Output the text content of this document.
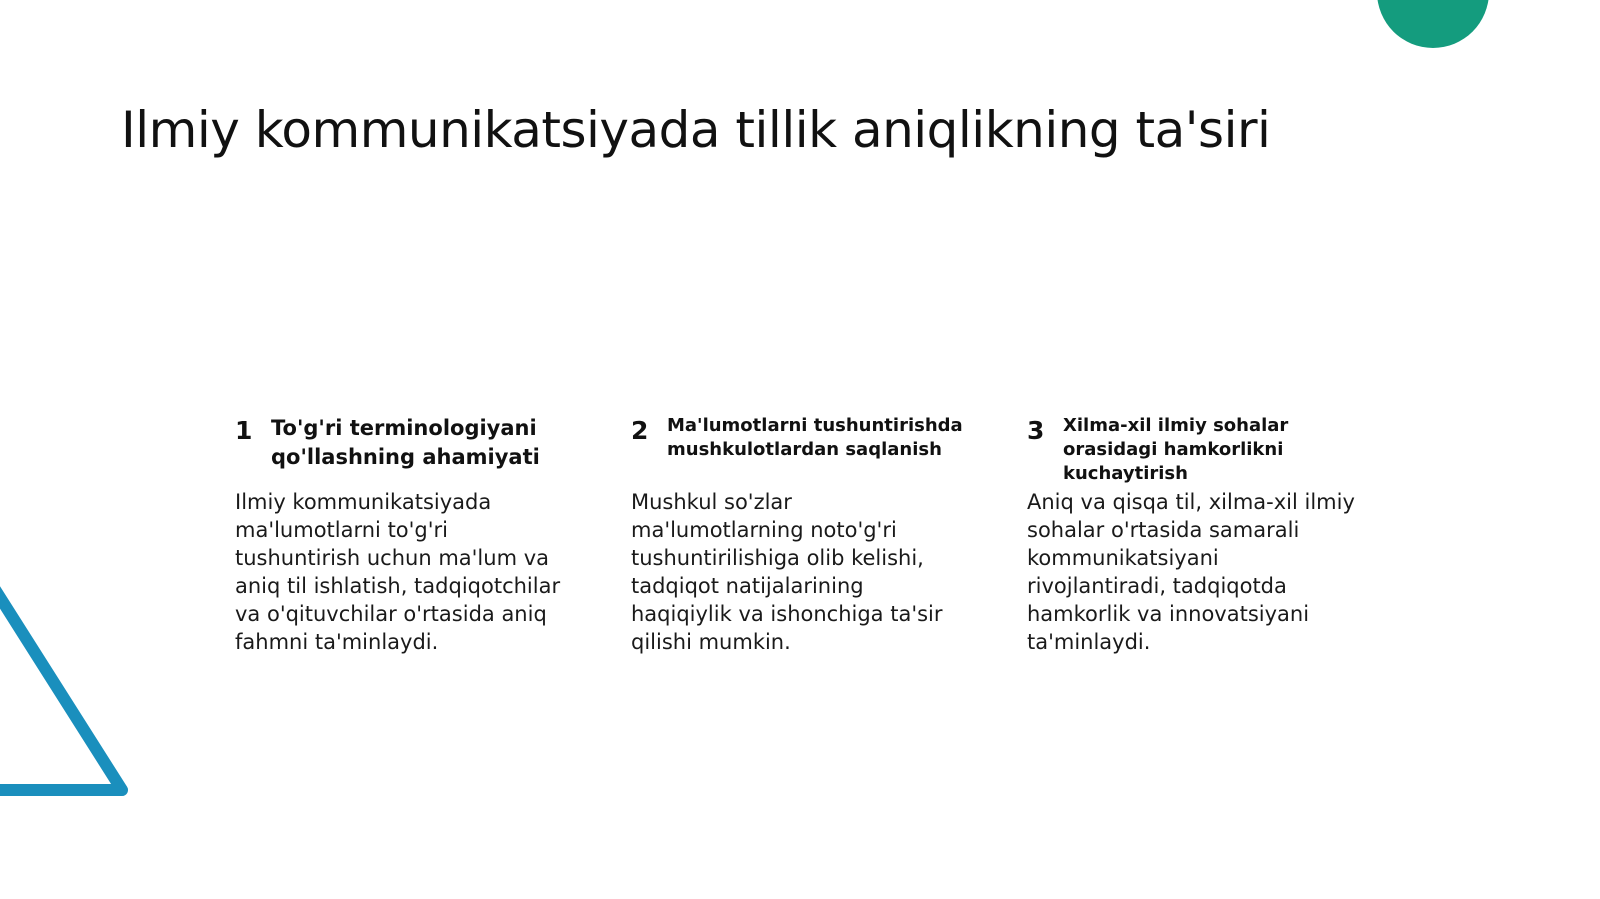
Ilmiy kommunikatsiyada tillik aniqlikning ta'siri
1 To'g'ri terminologiyani qo'llashning ahamiyati

Ilmiy kommunikatsiyada ma'lumotlarni to'g'ri tushuntirish uchun ma'lum va aniq til ishlatish, tadqiqotchilar va o'qituvchilar o'rtasida aniq fahmni ta'minlaydi.

2	Ma'lumotlarni tushuntirishda mushkulotlardan saqlanish

Mushkul so'zlar ma'lumotlarning noto'g'ri tushuntirilishiga olib kelishi, tadqiqot natijalarining haqiqiylik va ishonchiga ta'sir qilishi mumkin.

3	Xilma-xil ilmiy sohalar orasidagi hamkorlikni kuchaytirish

Aniq va qisqa til, xilma-xil ilmiy sohalar o'rtasida samarali kommunikatsiyani rivojlantiradi, tadqiqotda hamkorlik va innovatsiyani ta'minlaydi.
